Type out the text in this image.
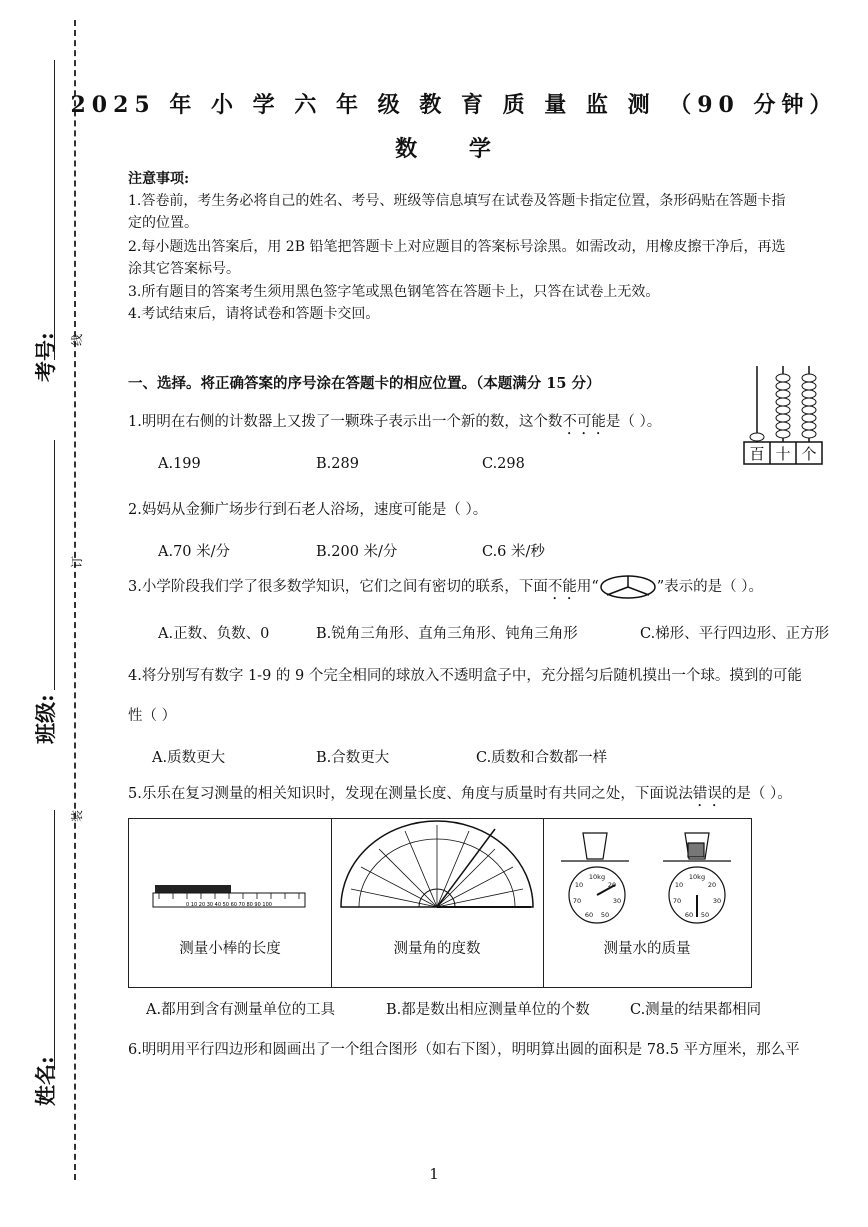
考号:
班级:
姓名:
线
订
装
2025 年 小 学 六 年 级 教 育 质 量 监 测 （90 分钟）
数 学
注意事项:
1.答卷前，考生务必将自己的姓名、考号、班级等信息填写在试卷及答题卡指定位置，条形码贴在答题卡指
定的位置。
2.每小题选出答案后，用 2B 铅笔把答题卡上对应题目的答案标号涂黑。如需改动，用橡皮擦干净后，再选
涂其它答案标号。
3.所有题目的答案考生须用黑色签字笔或黑色钢笔答在答题卡上，只答在试卷上无效。
4.考试结束后，请将试卷和答题卡交回。
一、选择。将正确答案的序号涂在答题卡的相应位置。（本题满分 15 分）
1.明明在右侧的计数器上又拨了一颗珠子表示出一个新的数，这个数不可能是（ ）。
A.199	B.289	C.298
百 十 个
2.妈妈从金狮广场步行到石老人浴场，速度可能是（ ）。
A.70 米/分	B.200 米/分	C.6 米/秒
3.小学阶段我们学了很多数学知识，它们之间有密切的联系，下面不能用“	”表示的是（ ）。
A.正数、负数、0	B.锐角三角形、直角三角形、钝角三角形	C.梯形、平行四边形、正方形
4.将分别写有数字 1-9 的 9 个完全相同的球放入不透明盒子中，充分摇匀后随机摸出一个球。摸到的可能
性（ ）
A.质数更大	B.合数更大	C.质数和合数都一样
5.乐乐在复习测量的相关知识时，发现在测量长度、角度与质量时有共同之处，下面说法错误的是（ ）。
0 10 20 30 40 50 60 70 80 90 100
测量小棒的长度	测量角的度数
10kg	10kg
20
30
10
70
60 50
20
30
10
70
60 50
测量水的质量
A.都用到含有测量单位的工具	B.都是数出相应测量单位的个数	C.测量的结果都相同
6.明明用平行四边形和圆画出了一个组合图形（如右下图），明明算出圆的面积是 78.5 平方厘米，那么平
1
